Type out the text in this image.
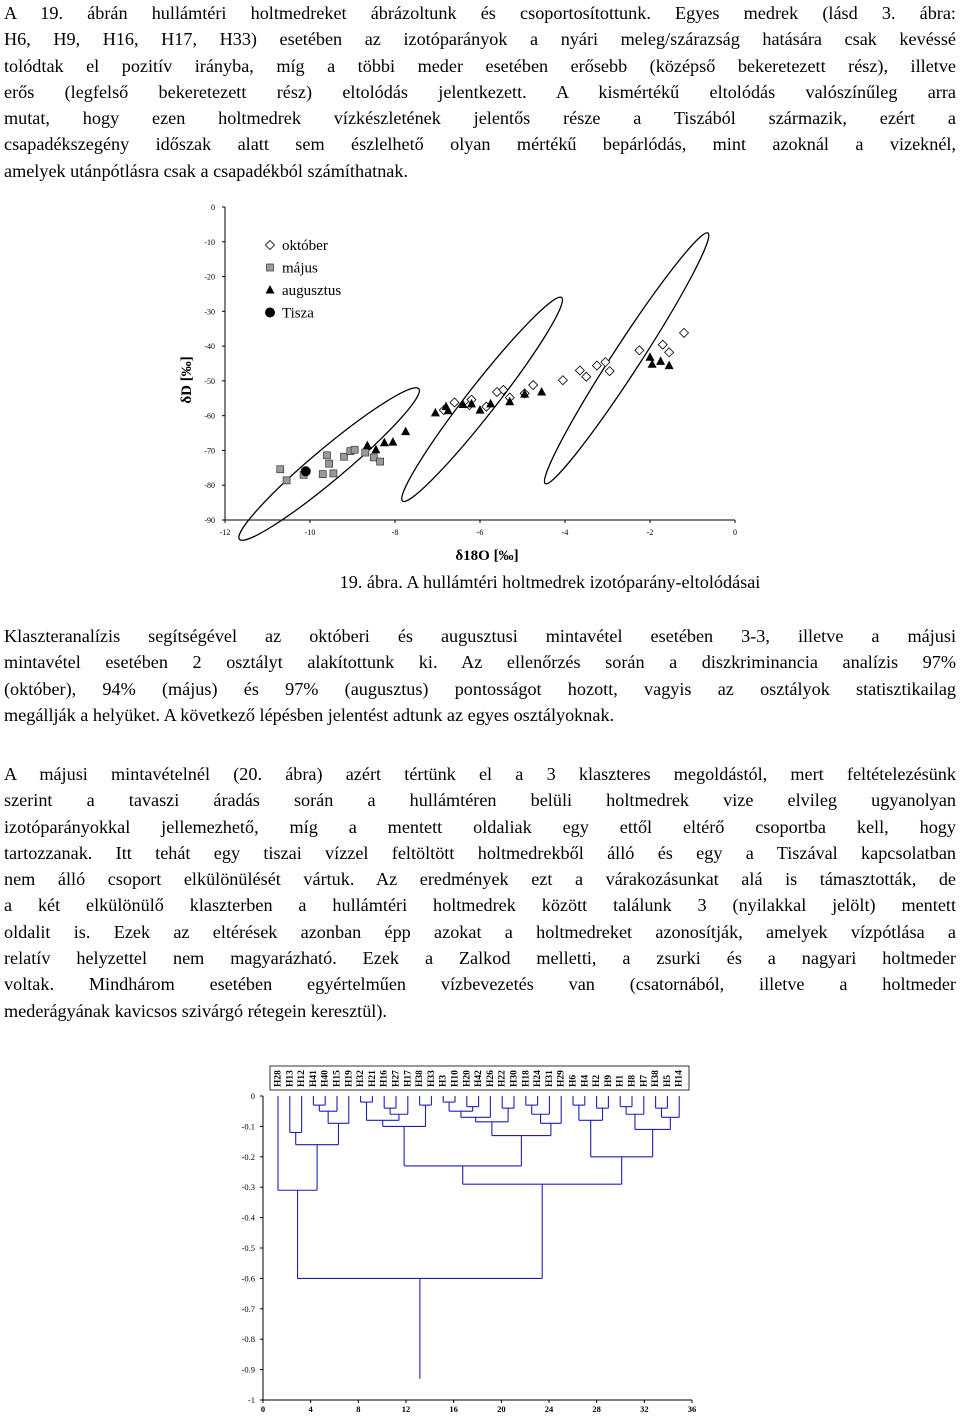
A 19. ábrán hullámtéri holtmedreket ábrázoltunk és csoportosítottunk. Egyes medrek (lásd 3. ábra:
H6, H9, H16, H17, H33) esetében az izotóparányok a nyári meleg/szárazság hatására csak kevéssé
tolódtak el pozitív irányba, míg a többi meder esetében erősebb (középső bekeretezett rész), illetve
erős (legfelső bekeretezett rész) eltolódás jelentkezett. A kismértékű eltolódás valószínűleg arra
mutat, hogy ezen holtmedrek vízkészletének jelentős része a Tiszából származik, ezért a
csapadékszegény időszak alatt sem észlelhető olyan mértékű bepárlódás, mint azoknál a vizeknél,
amelyek utánpótlásra csak a csapadékból számíthatnak.
0
-10
-20
-30
-40
-50
-60
-70
-80
-90
-12	-10	-8	-6	-4	-2	0
október
május
augusztus
Tisza
δD [‰]
δ18O [‰]
19. ábra. A hullámtéri holtmedrek izotóparány-eltolódásai
Klaszteranalízis segítségével az októberi és augusztusi mintavétel esetében 3-3, illetve a májusi
mintavétel esetében 2 osztályt alakítottunk ki. Az ellenőrzés során a diszkriminancia analízis 97%
(október), 94% (május) és 97% (augusztus) pontosságot hozott, vagyis az osztályok statisztikailag
megállják a helyüket. A következő lépésben jelentést adtunk az egyes osztályoknak.
A májusi mintavételnél (20. ábra) azért tértünk el a 3 klaszteres megoldástól, mert feltételezésünk
szerint a tavaszi áradás során a hullámtéren belüli holtmedrek vize elvileg ugyanolyan
izotóparányokkal jellemezhető, míg a mentett oldaliak egy ettől eltérő csoportba kell, hogy
tartozzanak. Itt tehát egy tiszai vízzel feltöltött holtmedrekből álló és egy a Tiszával kapcsolatban
nem álló csoport elkülönülését vártuk. Az eredmények ezt a várakozásunkat alá is támasztották, de
a két elkülönülő klaszterben a hullámtéri holtmedrek között találunk 3 (nyilakkal jelölt) mentett
oldalit is. Ezek az eltérések azonban épp azokat a holtmedreket azonosítják, amelyek vízpótlása a
relatív helyzettel nem magyarázható. Ezek a Zalkod melletti, a zsurki és a nagyari holtmeder
voltak. Mindhárom esetében egyértelműen vízbevezetés van (csatornából, illetve a holtmeder
mederágyának kavicsos szivárgó rétegein keresztül).
0
-0.1
-0.2
-0.3
-0.4
-0.5
-0.6
-0.7
-0.8
-0.9
-1
0	4	8	12	16	20	24	28	32	36
H28 H13 H12 H41 H40 H15 H19 H32 H21 H16 H27 H17 H38 H33 H3 H10 H20 H42 H26 H22 H30 H18 H24 H31 H29 H6 H4 H2 H9 H1 H8 H7 H38 H5 H14
